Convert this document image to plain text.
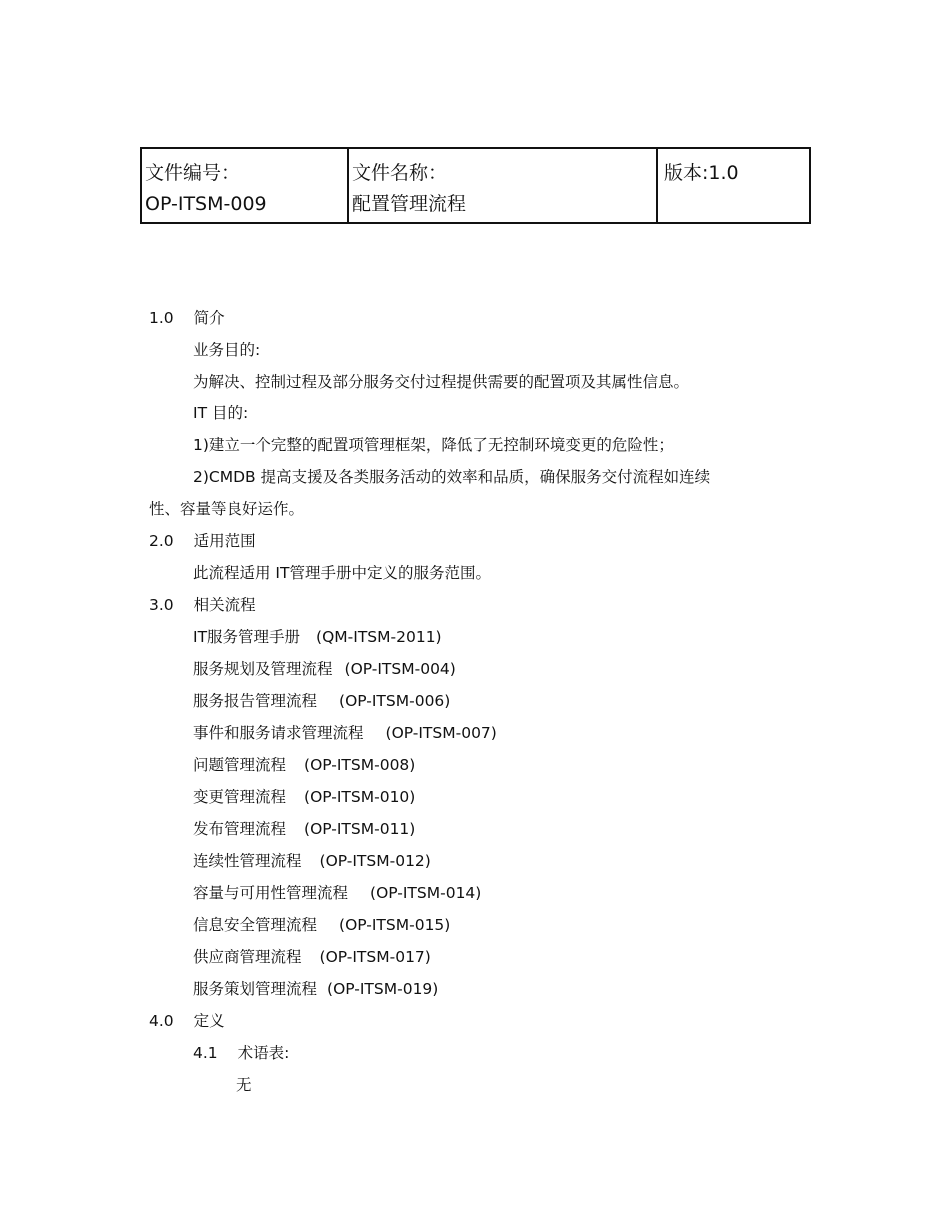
文件编号：
OP-ITSM-009
文件名称：
配置管理流程
版本:1.0
1.0 简介
业务目的:
为解决、控制过程及部分服务交付过程提供需要的配置项及其属性信息。
IT 目的:
1)建立一个完整的配置项管理框架，降低了无控制环境变更的危险性；
2)CMDB 提高支援及各类服务活动的效率和品质，确保服务交付流程如连续
性、容量等良好运作。
2.0 适用范围
此流程适用 IT管理手册中定义的服务范围。
3.0 相关流程
IT服务管理手册 (QM-ITSM-2011)
服务规划及管理流程 (OP-ITSM-004)
服务报告管理流程 (OP-ITSM-006)
事件和服务请求管理流程 (OP-ITSM-007)
问题管理流程 (OP-ITSM-008)
变更管理流程 (OP-ITSM-010)
发布管理流程 (OP-ITSM-011)
连续性管理流程 (OP-ITSM-012)
容量与可用性管理流程 (OP-ITSM-014)
信息安全管理流程 (OP-ITSM-015)
供应商管理流程 (OP-ITSM-017)
服务策划管理流程 (OP-ITSM-019)
4.0 定义
4.1 术语表:
无
